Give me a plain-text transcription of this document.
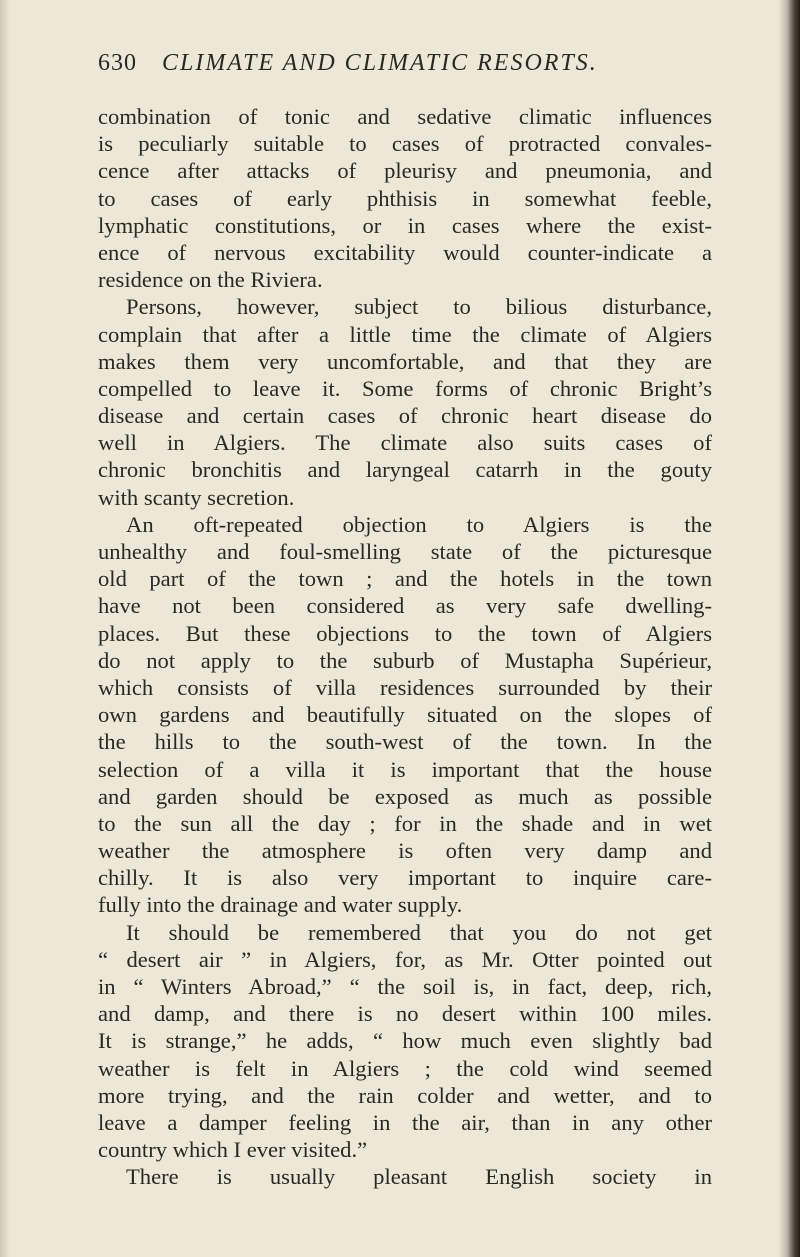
630 CLIMATE AND CLIMATIC RESORTS.
combination of tonic and sedative climatic influences
is peculiarly suitable to cases of protracted convales-
cence after attacks of pleurisy and pneumonia, and
to cases of early phthisis in somewhat feeble,
lymphatic constitutions, or in cases where the exist-
ence of nervous excitability would counter-indicate a
residence on the Riviera.
Persons, however, subject to bilious disturbance,
complain that after a little time the climate of Algiers
makes them very uncomfortable, and that they are
compelled to leave it. Some forms of chronic Bright’s
disease and certain cases of chronic heart disease do
well in Algiers. The climate also suits cases of
chronic bronchitis and laryngeal catarrh in the gouty
with scanty secretion.
An oft-repeated objection to Algiers is the
unhealthy and foul-smelling state of the picturesque
old part of the town ; and the hotels in the town
have not been considered as very safe dwelling-
places. But these objections to the town of Algiers
do not apply to the suburb of Mustapha Supérieur,
which consists of villa residences surrounded by their
own gardens and beautifully situated on the slopes of
the hills to the south-west of the town. In the
selection of a villa it is important that the house
and garden should be exposed as much as possible
to the sun all the day ; for in the shade and in wet
weather the atmosphere is often very damp and
chilly. It is also very important to inquire care-
fully into the drainage and water supply.
It should be remembered that you do not get
“ desert air ” in Algiers, for, as Mr. Otter pointed out
in “ Winters Abroad,” “ the soil is, in fact, deep, rich,
and damp, and there is no desert within 100 miles.
It is strange,” he adds, “ how much even slightly bad
weather is felt in Algiers ; the cold wind seemed
more trying, and the rain colder and wetter, and to
leave a damper feeling in the air, than in any other
country which I ever visited.”
There is usually pleasant English society in
